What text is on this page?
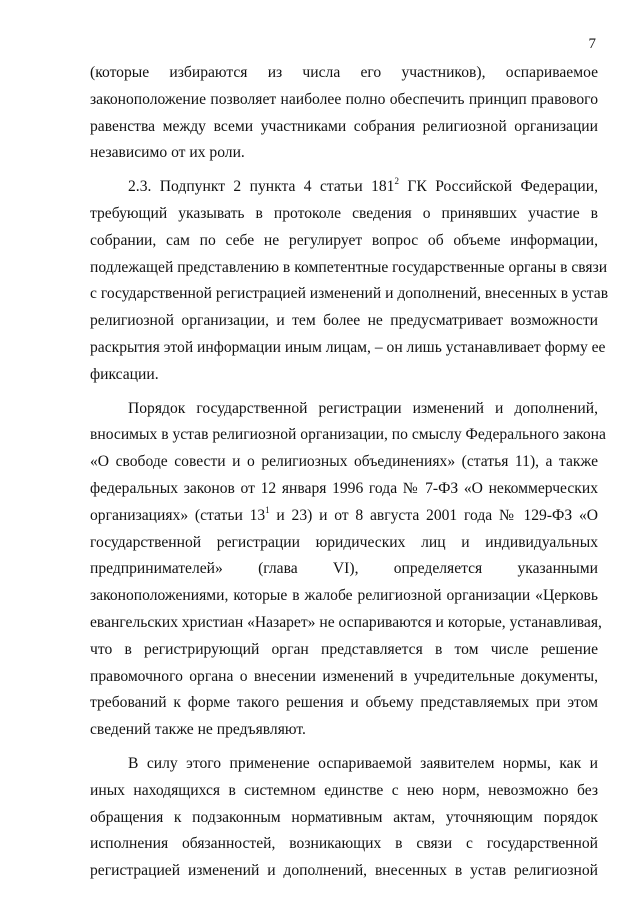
7
(которые избираются из числа его участников), оспариваемое
законоположение позволяет наиболее полно обеспечить принцип правового
равенства между всеми участниками собрания религиозной организации
независимо от их роли.
2.3. Подпункт 2 пункта 4 статьи $181^2$ ГК Российской Федерации,
требующий указывать в протоколе сведения о принявших участие в
собрании, сам по себе не регулирует вопрос об объеме информации,
подлежащей представлению в компетентные государственные органы в связи
с государственной регистрацией изменений и дополнений, внесенных в устав
религиозной организации, и тем более не предусматривает возможности
раскрытия этой информации иным лицам, – он лишь устанавливает форму ее
фиксации.
Порядок государственной регистрации изменений и дополнений,
вносимых в устав религиозной организации, по смыслу Федерального закона
«О свободе совести и о религиозных объединениях» (статья 11), а также
федеральных законов от 12 января 1996 года № 7-ФЗ «О некоммерческих
организациях» (статьи $13^1$ и 23) и от 8 августа 2001 года № 129-ФЗ «О
государственной регистрации юридических лиц и индивидуальных
предпринимателей» (глава VI), определяется указанными
законоположениями, которые в жалобе религиозной организации «Церковь
евангельских христиан «Назарет» не оспариваются и которые, устанавливая,
что в регистрирующий орган представляется в том числе решение
правомочного органа о внесении изменений в учредительные документы,
требований к форме такого решения и объему представляемых при этом
сведений также не предъявляют.
В силу этого применение оспариваемой заявителем нормы, как и
иных находящихся в системном единстве с нею норм, невозможно без
обращения к подзаконным нормативным актам, уточняющим порядок
исполнения обязанностей, возникающих в связи с государственной
регистрацией изменений и дополнений, внесенных в устав религиозной
